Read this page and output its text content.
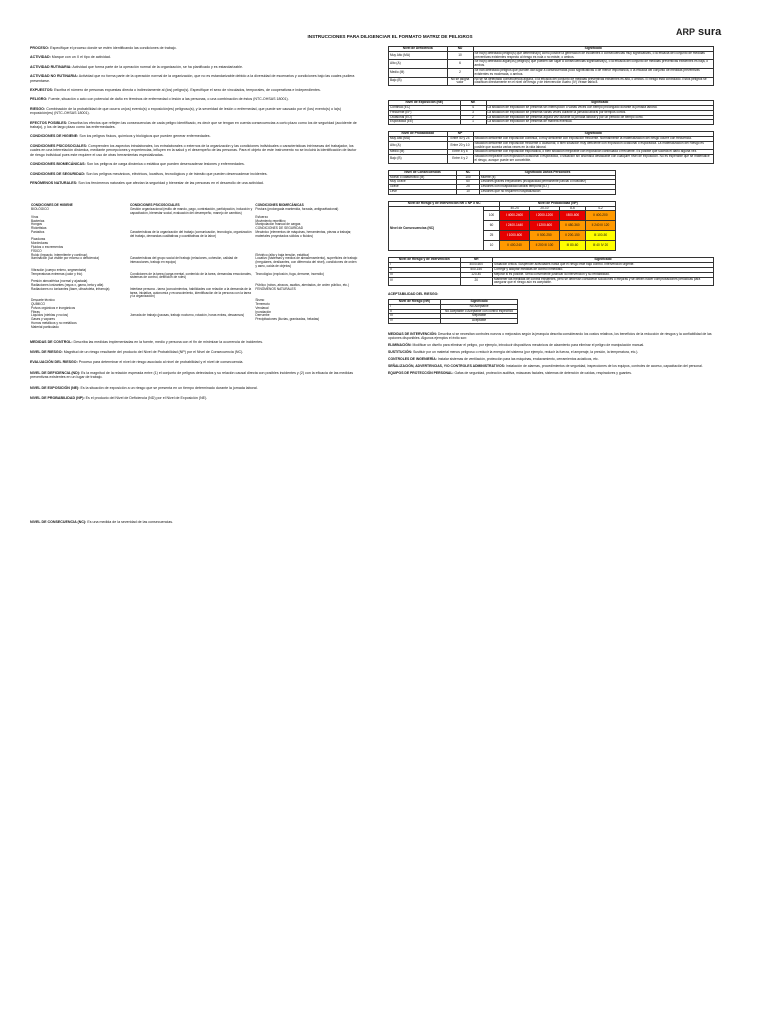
ARP sura
INSTRUCCIONES PARA DILIGENCIAR EL FORMATO MATRIZ DE PELIGROS

PROCESO: Especifique el proceso donde se estén identificando las condiciones de trabajo.

ACTIVIDAD: Marque con un X el tipo de actividad.

ACTIVIDAD RUTINARIA: Actividad que forma parte de la operación normal de la organización, se ha planificado y es estandarizable.

ACTIVIDAD NO RUTINARIA: Actividad que no forma parte de la operación normal de la organización, que no es estandarizable debido a la diversidad de escenarios y condiciones bajo las cuales pudiera presentarse.

EXPUESTOS: Escriba el número de personas expuestas directa o indirectamente al (los) peligro(s). Especifique el sexo de vinculados, temporales, de cooperativas e independientes.

PELIGRO: Fuente, situación o acto con potencial de daño en términos de enfermedad o lesión a las personas, o una combinación de éstos (NTC-OHSAS 18001).

RIESGO: Combinación de la probabilidad de que ocurra un(os) evento(s) o exposición(es) peligroso(s), y la severidad de lesión o enfermedad, que puede ser causado por el (los) evento(s) o la(s) exposición(es) (NTC-OHSAS 18001).

EFECTOS POSIBLES: Describa los efectos que reflejen las consecuencias de cada peligro identificado, es decir que se tengan en cuenta consecuencias a corto plazo como los de seguridad (accidente de trabajo), y los de largo plazo como las enfermedades.

CONDICIONES DE HIGIENE: Son los peligros físicos, químicos y biológicos que pueden generar enfermedades.

CONDICIONES PSICOSOCIALES: Comprenden los aspectos intralaborales, los extralaborales o externos de la organización y las condiciones individuales o características intrínsecas del trabajador, los cuales en una interrelación dinámica, mediante percepciones y experiencias, influyen en la salud y el desempeño de las personas. Para el objeto de este instrumento no se incluirá la identificación de factor de riesgo individual pues este requiere el uso de otras herramientas especializadas.

CONDICIONES BIOMECÁNICAS: Son los peligros de carga dinámica o estática que pueden desencadenar lesiones y enfermedades.

CONDICIONES DE SEGURIDAD: Son los peligros mecánicos, eléctricos, locativos, tecnológicos y de tránsito que pueden desencadenar incidentes.

FENÓMENOS NATURALES: Son los fenómenos naturales que afectan la seguridad y bienestar de las personas en el desarrollo de una actividad.

CONDICIONES DE HIGIENE	CONDICIONES PSICOSOCIALES	CONDICIONES BIOMECÁNICAS
BIOLÓGICO	Gestión organizacional (estilo de mando, pago, contratación, participación, inducción y capacitación, bienestar social, evaluación del desempeño, manejo de cambios)	Postura (prolongada mantenida, forzada, antigravitacional)
Virus		Esfuerzo
Bacterias		Movimiento repetitivo
Hongos		Manipulación manual de cargas
Rickettsias		CONDICIONES DE SEGURIDAD
Parásitos	Características de la organización del trabajo (comunicación, tecnología, organización del trabajo, demandas cualitativas y cuantitativas de la labor)	Mecánico (elementos de máquinas, herramientas, piezas a trabajar, materiales proyectados sólidos o fluidos)
Picaduras		
Mordeduras		
Fluidos o excrementos		
FÍSICO		
Ruido (impacto, intermitente y continuo)		Eléctrico (alta y baja tensión, estática)
Iluminación (luz visible por exceso o deficiencia)	Características del grupo social del trabajo (relaciones, cohesión, calidad de interacciones, trabajo en equipo)	Locativo (sistemas y medios de almacenamiento), superficies de trabajo (irregulares, deslizantes, con diferencia del nivel), condiciones de orden y aseo, caída de objetos)
Vibración (cuerpo entero, segmentaria)		
Temperaturas extremas (calor y frío)	Condiciones de la tarea (carga mental, contenido de la tarea, demandas emocionales, sistemas de control, definición de roles)	Tecnológico (explosión, fuga, derrame, incendio)
Presión atmosférica (normal y ajustada)		
Radiaciones ionizantes (rayos x, gama, beta y alfa)		Público (robos, atracos, asaltos, atentados, de orden público, etc.)
Radiaciones no ionizantes (láser, ultravioleta, infrarroja)	Interfase persona - tarea (conocimientos, habilidades con relación a la demanda de la tarea, iniciativa, autonomía y reconocimiento, identificación de la persona con la tarea y la organización)	FENÓMENOS NATURALES
Descarte técnico		Sismo
QUÍMICO		Terremoto
Polvos orgánicos e inorgánicos		Vendaval
Fibras		Inundación
Líquidos (nieblas y rocíos)	Jornada de trabajo (pausas, trabajo nocturno, rotación, horas extras, descansos)	Derrumbe
Gases y vapores		Precipitaciones (lluvias, granizadas, heladas)
Humos metálicos y no metálicos		
Material particulado		

MEDIDAS DE CONTROL: Describa las medidas implementadas en la fuente, medio y persona con el fin de minimizar la ocurrencia de incidentes.

NIVEL DE RIESGO: Magnitud de un riesgo resultante del producto del Nivel de Probabilidad (NP) por el Nivel de Consecuencia (NC).

EVALUACIÓN DEL RIESGO: Proceso para determinar el nivel de riesgo asociado al nivel de probabilidad y el nivel de consecuencia.

NIVEL DE DEFICIENCIA (ND): Es la magnitud de la relación esperada entre (1) el conjunto de peligros detectados y su relación causal directa con posibles incidentes y (2) con la eficacia de las medidas preventivas existentes en un lugar de trabajo.

NIVEL DE EXPOSICIÓN (NE): Es la situación de exposición a un riesgo que se presenta en un tiempo determinado durante la jornada laboral.

NIVEL DE PROBABILIDAD (NP): Es el producto del Nivel de Deficiencia (ND) por el Nivel de Exposición (NE).

NIVEL DE CONSECUENCIA (NC): Es una medida de la severidad de las consecuencias.

Nivel de Deficiencia	ND	Significado
Muy Alto (MA)	10	Se ha(n) detectado peligro(s) que determina(n) como posible la generación de incidentes o consecuencias muy significativas, o la eficacia del conjunto de medidas preventivas existentes respecto al riesgo es nula o no existe, o ambos.
Alto (A)	6	Se ha(n) detectado algún(os) peligro(s) que pueden dar lugar a consecuencias significativa(s), o la eficacia del conjunto de medidas preventivas existentes es baja, o ambos.
Medio (M)	2	Se han detectado peligros que pueden dar lugar a consecuencias poco significativas o de menor importancia, o la eficacia del conjunto de medidas preventivas existentes es moderada, o ambos.
Bajo (B)	No se asigna valor	No se ha detectado consecuencia alguna, o la eficacia del conjunto de medidas preventivas existentes es alta, o ambos. El riesgo está controlado. Estos peligros se clasifican directamente en el nivel de riesgo y de intervención cuatro (IV) Véase tabla 8.
Nivel de Exposición (NE)	NE	Significado
Continua (EC)	4	La situación de exposición se presenta sin interrupción o varias veces con tiempo prolongado durante la jornada laboral.
Frecuente (EF)	3	La situación de exposición se presenta varias veces durante la jornada laboral por tiempos cortos.
Ocasional (EO)	2	La situación de exposición se presenta alguna vez durante la jornada laboral y por un periodo de tiempo corto.
Esporádica (EE)	1	La situación de exposición se presenta de manera eventual.
Nivel de Probabilidad	NP	Significado
Muy Alto (MA)	Entre 40 y 24	Situación deficiente con exposición continua, o muy deficiente con exposición frecuente. Normalmente la materialización del riesgo ocurre con frecuencia.
Alto (A)	Entre 20 y 10	Situación deficiente con exposición frecuente u ocasional, o bien situación muy deficiente con exposición ocasional o esporádica. La materialización del Riesgo es posible que suceda varias veces en la vida laboral.
Medio (M)	Entre 8 y 6	Situación deficiente con exposición esporádica, o bien situación mejorable con exposición continuada o frecuente. Es posible que suceda el daño alguna vez.
Bajo (B)	Entre 4 y 2	Situación mejorable con exposición ocasional o esporádica, o situación sin anomalía destacable con cualquier nivel de exposición. No es esperable que se materialice el riesgo, aunque puede ser concebible.
Nivel de Consecuencias	NC	Significado Daños Personales
Mortal o catastrófico (M)	100	Muerte (s)
Muy Grave	60	Lesiones graves irreparables (incapacidad permanente parcial o invalidez)
Grave	25	Lesiones con incapacidad laboral temporal (ILT)
Leve	10	Lesiones que no requieren hospitalización
Nivel de Riesgo y de intervención NR = NP X NC		Nivel de Probabilidad (NP)			
Nivel de Consecuencias (NC)		40-24	20-10	8-6	4-2
	100	I 4000-2400	I 2000-1200	I 800-600	II 400-200
	60	I 2400-1440	I 1200-600	II 480-360	II 240 III 120
	25	I 1000-600	II 500-250	II 200-150	III 100-50
	10	II 400-240	II 200 III 100	III 80-60	III 40 IV 20
Nivel de Riesgo y de intervención	NR	Significado
I	4000-600	Situación crítica. Suspender actividades hasta que el riesgo esté bajo control. Intervención urgente.
II	500-150	Corregir y adoptar medidas de control inmediato.
III	120-40	Mejorar si es posible. Sería conveniente justificar la intervención y su rentabilidad.
IV	20	Mantener las medidas de control existentes, pero se deberían considerar soluciones o mejoras y se deben hacer comprobaciones periódicas para asegurar que el riesgo aún es aceptable.
ACEPTABILIDAD DEL RIESGO:
Nivel de Riesgo (NR)	Significado
I	No Aceptable
II	No Aceptable o Aceptable con control específico
III	Mejorable
IV	Aceptable

MEDIDAS DE INTERVENCIÓN: Describa si se necesitan controles nuevos o mejorados según la jerarquía descrita considerando los costos relativos, los beneficios de la reducción de riesgos y la confiabilidad de las opciones disponibles. Algunos ejemplos el éxito son:

ELIMINACIÓN: Modificar un diseño para eliminar el peligro, por ejemplo, introducir dispositivos mecánicos de alzamiento para eliminar el peligro de manipulación manual.

SUSTITUCIÓN: Sustituir por un material menos peligroso o reducir la energía del sistema (por ejemplo, reducir la fuerza, el amperaje, la presión, la temperatura, etc.).

CONTROLES DE INGENIERÍA: Instalar sistemas de ventilación, protección para las máquinas, enclavamiento, cerramientos acústicos, etc.

SEÑALIZACIÓN, ADVERTENCIAS, Y/O CONTROLES ADMINISTRATIVOS: Instalación de alarmas, procedimientos de seguridad, inspecciones de los equipos, controles de acceso, capacitación del personal.

EQUIPOS DE PROTECCIÓN PERSONAL: Gafas de seguridad, protección auditiva, máscaras faciales, sistemas de detención de caídas, respiradores y guantes.
